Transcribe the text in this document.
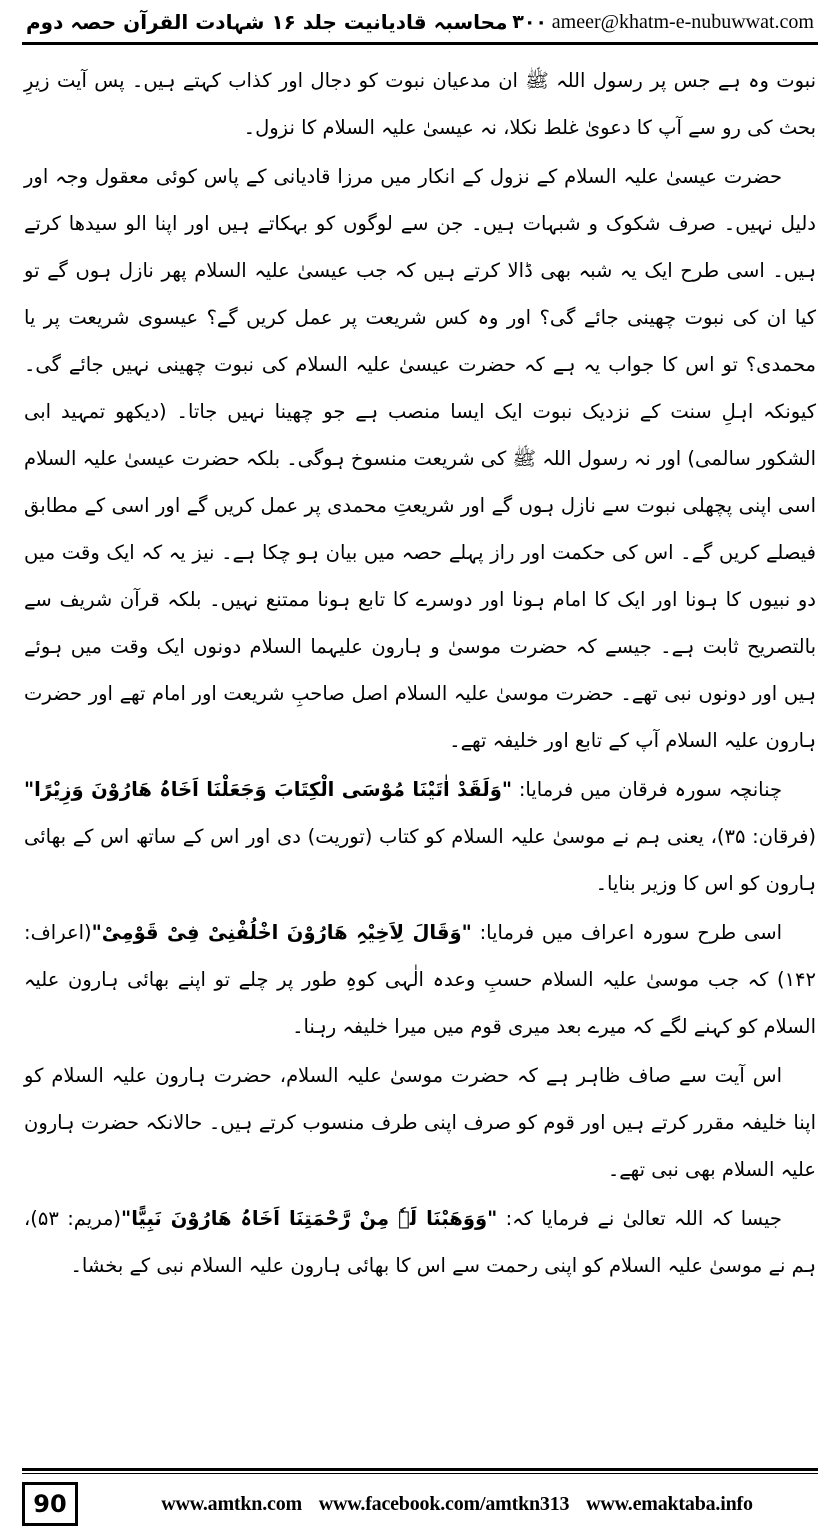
محاسبہ قادیانیت جلد ۱۶ شہادت القرآن حصہ دوم ۳۰۰ ameer@khatm-e-nubuwwat.com

نبوت وہ ہے جس پر رسول اللہ ﷺ ان مدعیان نبوت کو دجال اور کذاب کہتے ہیں۔ پس آیت زیرِ بحث کی رو سے آپ کا دعویٰ غلط نکلا، نہ عیسیٰ علیہ السلام کا نزول۔

حضرت عیسیٰ علیہ السلام کے نزول کے انکار میں مرزا قادیانی کے پاس کوئی معقول وجہ اور دلیل نہیں۔ صرف شکوک و شبہات ہیں۔ جن سے لوگوں کو بہکاتے ہیں اور اپنا الو سیدھا کرتے ہیں۔ اسی طرح ایک یہ شبہ بھی ڈالا کرتے ہیں کہ جب عیسیٰ علیہ السلام پھر نازل ہوں گے تو کیا ان کی نبوت چھینی جائے گی؟ اور وہ کس شریعت پر عمل کریں گے؟ عیسوی شریعت پر یا محمدی؟ تو اس کا جواب یہ ہے کہ حضرت عیسیٰ علیہ السلام کی نبوت چھینی نہیں جائے گی۔ کیونکہ اہلِ سنت کے نزدیک نبوت ایک ایسا منصب ہے جو چھینا نہیں جاتا۔ (دیکھو تمہید ابی الشکور سالمی) اور نہ رسول اللہ ﷺ کی شریعت منسوخ ہوگی۔ بلکہ حضرت عیسیٰ علیہ السلام اسی اپنی پچھلی نبوت سے نازل ہوں گے اور شریعتِ محمدی پر عمل کریں گے اور اسی کے مطابق فیصلے کریں گے۔ اس کی حکمت اور راز پہلے حصہ میں بیان ہو چکا ہے۔ نیز یہ کہ ایک وقت میں دو نبیوں کا ہونا اور ایک کا امام ہونا اور دوسرے کا تابع ہونا ممتنع نہیں۔ بلکہ قرآن شریف سے بالتصریح ثابت ہے۔ جیسے کہ حضرت موسیٰ و ہارون علیہما السلام دونوں ایک وقت میں ہوئے ہیں اور دونوں نبی تھے۔ حضرت موسیٰ علیہ السلام اصل صاحبِ شریعت اور امام تھے اور حضرت ہارون علیہ السلام آپ کے تابع اور خلیفہ تھے۔

چنانچہ سورہ فرقان میں فرمایا: "وَلَقَدْ اٰتَیْنَا مُوْسَی الْکِتَابَ وَجَعَلْنَا اَخَاہُ ھَارُوْنَ وَزِیْرًا"(فرقان: ۳۵)، یعنی ہم نے موسیٰ علیہ السلام کو کتاب (توریت) دی اور اس کے ساتھ اس کے بھائی ہارون کو اس کا وزیر بنایا۔

اسی طرح سورہ اعراف میں فرمایا: "وَقَالَ لِاَخِیْہِ ھَارُوْنَ اخْلُفْنِیْ فِیْ قَوْمِیْ"(اعراف: ۱۴۲) کہ جب موسیٰ علیہ السلام حسبِ وعدہ الٰہی کوہِ طور پر چلے تو اپنے بھائی ہارون علیہ السلام کو کہنے لگے کہ میرے بعد میری قوم میں میرا خلیفہ رہنا۔

اس آیت سے صاف ظاہر ہے کہ حضرت موسیٰ علیہ السلام، حضرت ہارون علیہ السلام کو اپنا خلیفہ مقرر کرتے ہیں اور قوم کو صرف اپنی طرف منسوب کرتے ہیں۔ حالانکہ حضرت ہارون علیہ السلام بھی نبی تھے۔

جیسا کہ اللہ تعالیٰ نے فرمایا کہ: "وَوَھَبْنَا لَہٗ مِنْ رَّحْمَتِنَا اَخَاہُ ھَارُوْنَ نَبِیًّا"(مریم: ۵۳)، ہم نے موسیٰ علیہ السلام کو اپنی رحمت سے اس کا بھائی ہارون علیہ السلام نبی کے بخشا۔

90	www.amtkn.com www.facebook.com/amtkn313 www.emaktaba.info
